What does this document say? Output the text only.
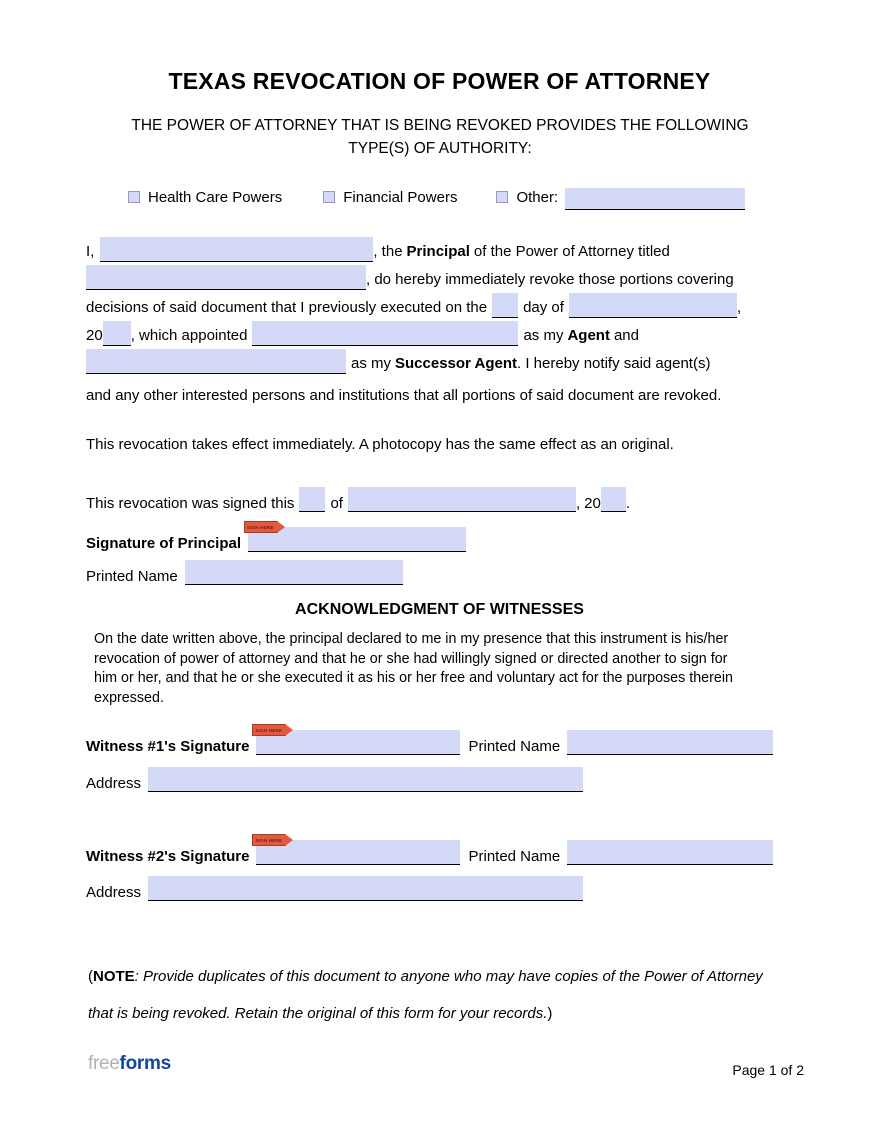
TEXAS REVOCATION OF POWER OF ATTORNEY
THE POWER OF ATTORNEY THAT IS BEING REVOKED PROVIDES THE FOLLOWING TYPE(S) OF AUTHORITY:
Health Care Powers	Financial Powers	Other:
I,	, the Principal of the Power of Attorney titled
, do hereby immediately revoke those portions covering
decisions of said document that I previously executed on the day of	,
20 , which appointed	as my Agent and
as my Successor Agent . I hereby notify said agent(s)
and any other interested persons and institutions that all portions of said document are revoked.
This revocation takes effect immediately. A photocopy has the same effect as an original.
This revocation was signed this of	, 20 .
Signature of Principal
SIGN HERE
Printed Name
ACKNOWLEDGMENT OF WITNESSES
On the date written above, the principal declared to me in my presence that this instrument is his/her revocation of power of attorney and that he or she had willingly signed or directed another to sign for him or her, and that he or she executed it as his or her free and voluntary act for the purposes therein expressed.
Witness #1's Signature
SIGN HERE
Printed Name
Address
Witness #2's Signature
SIGN HERE
Printed Name
Address
(NOTE: Provide duplicates of this document to anyone who may have copies of the Power of Attorney that is being revoked. Retain the original of this form for your records.)
freeforms	Page 1 of 2
